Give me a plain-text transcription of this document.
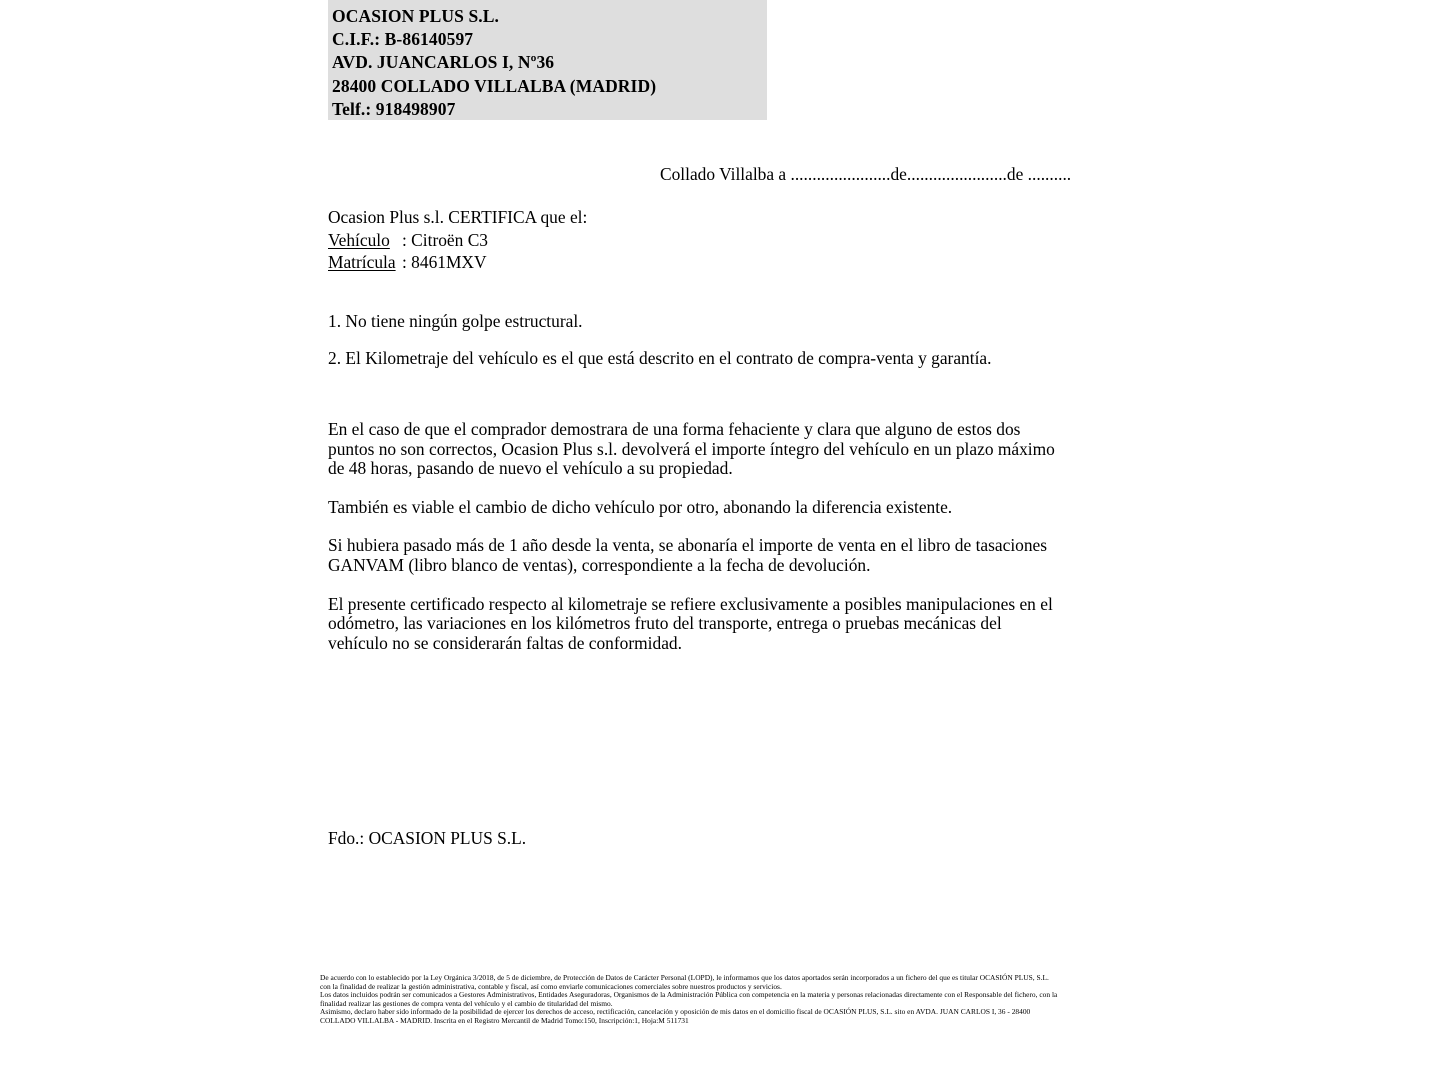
OCASION PLUS S.L.
C.I.F.: B-86140597
AVD. JUANCARLOS I, Nº36
28400 COLLADO VILLALBA (MADRID)
Telf.: 918498907
Collado Villalba a .......................de.......................de ..........
Ocasion Plus s.l. CERTIFICA que el:
Vehículo : Citroën C3
Matrícula : 8461MXV
1. No tiene ningún golpe estructural.
2. El Kilometraje del vehículo es el que está descrito en el contrato de compra-venta y garantía.

En el caso de que el comprador demostrara de una forma fehaciente y clara que alguno de estos dos puntos no son correctos, Ocasion Plus s.l. devolverá el importe íntegro del vehículo en un plazo máximo de 48 horas, pasando de nuevo el vehículo a su propiedad.

También es viable el cambio de dicho vehículo por otro, abonando la diferencia existente.

Si hubiera pasado más de 1 año desde la venta, se abonaría el importe de venta en el libro de tasaciones GANVAM (libro blanco de ventas), correspondiente a la fecha de devolución.

El presente certificado respecto al kilometraje se refiere exclusivamente a posibles manipulaciones en el odómetro, las variaciones en los kilómetros fruto del transporte, entrega o pruebas mecánicas del vehículo no se considerarán faltas de conformidad.

Fdo.: OCASION PLUS S.L.

De acuerdo con lo establecido por la Ley Orgánica 3/2018, de 5 de diciembre, de Protección de Datos de Carácter Personal (LOPD), le informamos que los datos aportados serán incorporados a un fichero del que es titular OCASIÓN PLUS, S.L. con la finalidad de realizar la gestión administrativa, contable y fiscal, así como enviarle comunicaciones comerciales sobre nuestros productos y servicios.

Los datos incluidos podrán ser comunicados a Gestores Administrativos, Entidades Aseguradoras, Organismos de la Administración Pública con competencia en la materia y personas relacionadas directamente con el Responsable del fichero, con la finalidad realizar las gestiones de compra venta del vehículo y el cambio de titularidad del mismo.

Asimismo, declaro haber sido informado de la posibilidad de ejercer los derechos de acceso, rectificación, cancelación y oposición de mis datos en el domicilio fiscal de OCASIÓN PLUS, S.L. sito en AVDA. JUAN CARLOS I, 36 - 28400 COLLADO VILLALBA - MADRID. Inscrita en el Registro Mercantil de Madrid Tomo:150, Inscripción:1, Hoja:M 511731
